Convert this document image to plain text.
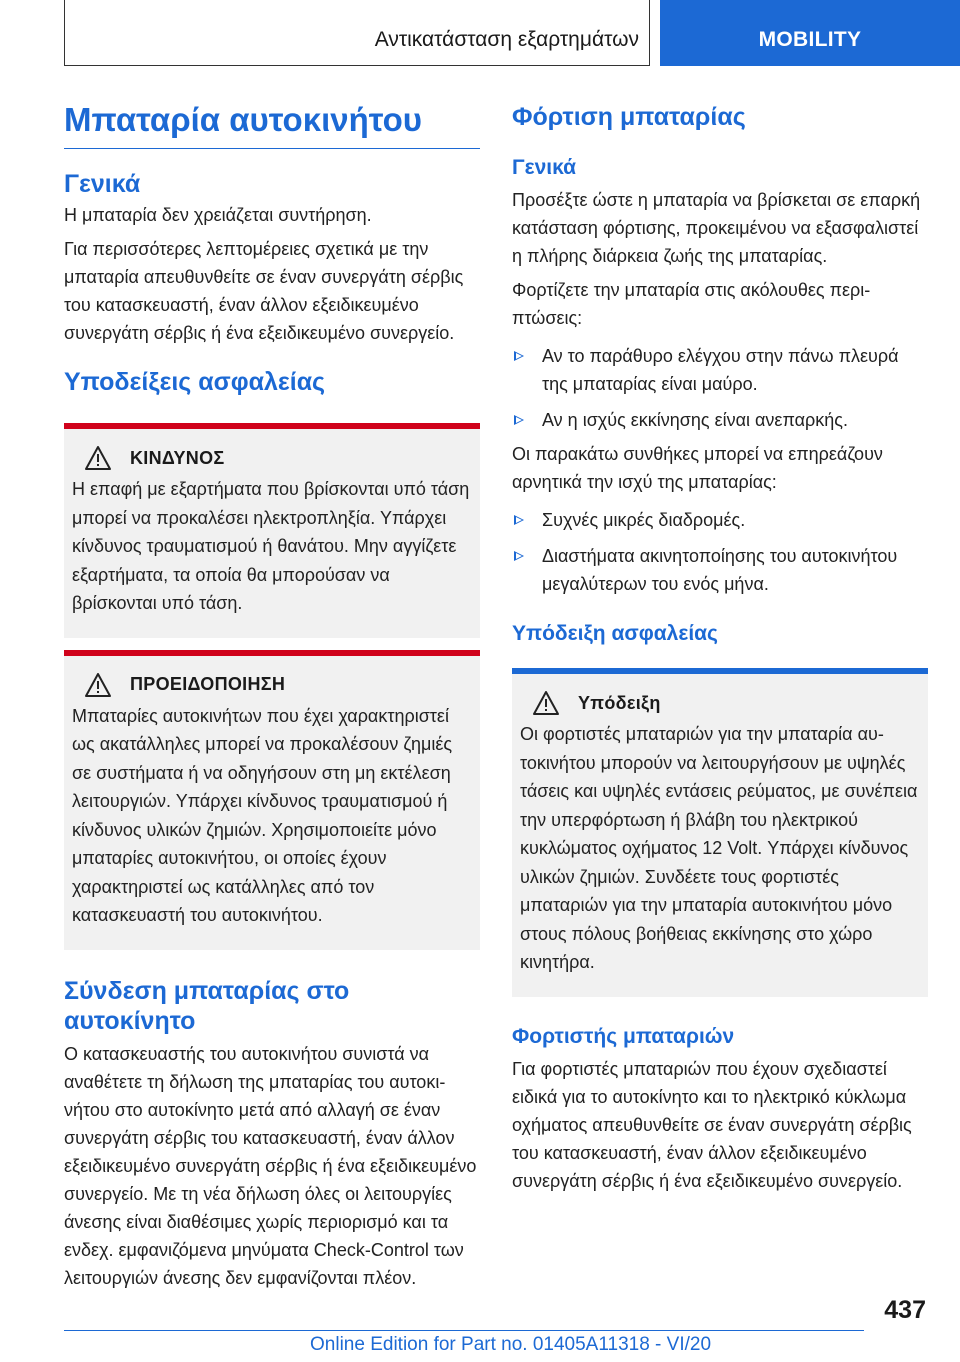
Αντικατάσταση εξαρτημάτων	MOBILITY
Μπαταρία αυτοκινήτου
Γενικά

Η μπαταρία δεν χρειάζεται συντήρηση.

Για περισσότερες λεπτομέρειες σχετικά με την μπαταρία απευθυνθείτε σε έναν συνεργάτη σέρβις του κατασκευαστή, έναν άλλον εξειδικευμένο συνεργάτη σέρβις ή ένα εξειδικευμένο συνεργείο.

Υποδείξεις ασφαλείας
ΚΙΝΔΥΝΟΣ

Η επαφή με εξαρτήματα που βρίσκονται υπό τάση μπορεί να προκαλέσει ηλεκτροπληξία. Υπάρχει κίνδυνος τραυματισμού ή θανάτου. Μην αγγίζετε εξαρτήματα, τα οποία θα μπορούσαν να βρίσκονται υπό τάση.

ΠΡΟΕΙΔΟΠΟΙΗΣΗ

Μπαταρίες αυτοκινήτων που έχει χαρακτηριστεί ως ακατάλληλες μπορεί να προκαλέσουν ζημιές σε συστήματα ή να οδηγήσουν στη μη εκτέλεση λειτουργιών. Υπάρχει κίνδυνος τραυματισμού ή κίνδυνος υλικών ζημιών. Χρησιμοποιείτε μόνο μπαταρίες αυτοκινήτου, οι οποίες έχουν χαρακτηριστεί ως κατάλληλες από τον κατασκευαστή του αυτοκινήτου.

Σύνδεση μπαταρίας στο αυτοκίνητο

Ο κατασκευαστής του αυτοκινήτου συνιστά να αναθέτετε τη δήλωση της μπαταρίας του αυτοκινήτου στο αυτοκίνητο μετά από αλλαγή σε έναν συνεργάτη σέρβις του κατασκευαστή, έναν άλλον εξειδικευμένο συνεργάτη σέρβις ή ένα εξειδικευμένο συνεργείο. Με τη νέα δήλωση όλες οι λειτουργίες άνεσης είναι διαθέσιμες χωρίς περιορισμό και τα ενδεχ. εμφανιζόμενα μηνύματα Check-Control των λειτουργιών άνεσης δεν εμφανίζονται πλέον.

Φόρτιση μπαταρίας
Γενικά

Προσέξτε ώστε η μπαταρία να βρίσκεται σε επαρκή κατάσταση φόρτισης, προκειμένου να εξασφαλιστεί η πλήρης διάρκεια ζωής της μπαταρίας.

Φορτίζετε την μπαταρία στις ακόλουθες περιπτώσεις:

Αν το παράθυρο ελέγχου στην πάνω πλευρά της μπαταρίας είναι μαύρο.
Αν η ισχύς εκκίνησης είναι ανεπαρκής.

Οι παρακάτω συνθήκες μπορεί να επηρεάζουν αρνητικά την ισχύ της μπαταρίας:

Συχνές μικρές διαδρομές.
Διαστήματα ακινητοποίησης του αυτοκινήτου μεγαλύτερων του ενός μήνα.
Υπόδειξη ασφαλείας
Υπόδειξη

Οι φορτιστές μπαταριών για την μπαταρία αυτοκινήτου μπορούν να λειτουργήσουν με υψηλές τάσεις και υψηλές εντάσεις ρεύματος, με συνέπεια την υπερφόρτωση ή βλάβη του ηλεκτρικού κυκλώματος οχήματος 12 Volt. Υπάρχει κίνδυνος υλικών ζημιών. Συνδέετε τους φορτιστές μπαταριών για την μπαταρία αυτοκινήτου μόνο στους πόλους βοήθειας εκκίνησης στο χώρο κινητήρα.

Φορτιστής μπαταριών

Για φορτιστές μπαταριών που έχουν σχεδιαστεί ειδικά για το αυτοκίνητο και το ηλεκτρικό κύκλωμα οχήματος απευθυνθείτε σε έναν συνεργάτη σέρβις του κατασκευαστή, έναν άλλον εξειδικευμένο συνεργάτη σέρβις ή ένα εξειδικευμένο συνεργείο.

437
Online Edition for Part no. 01405A11318 - VI/20
